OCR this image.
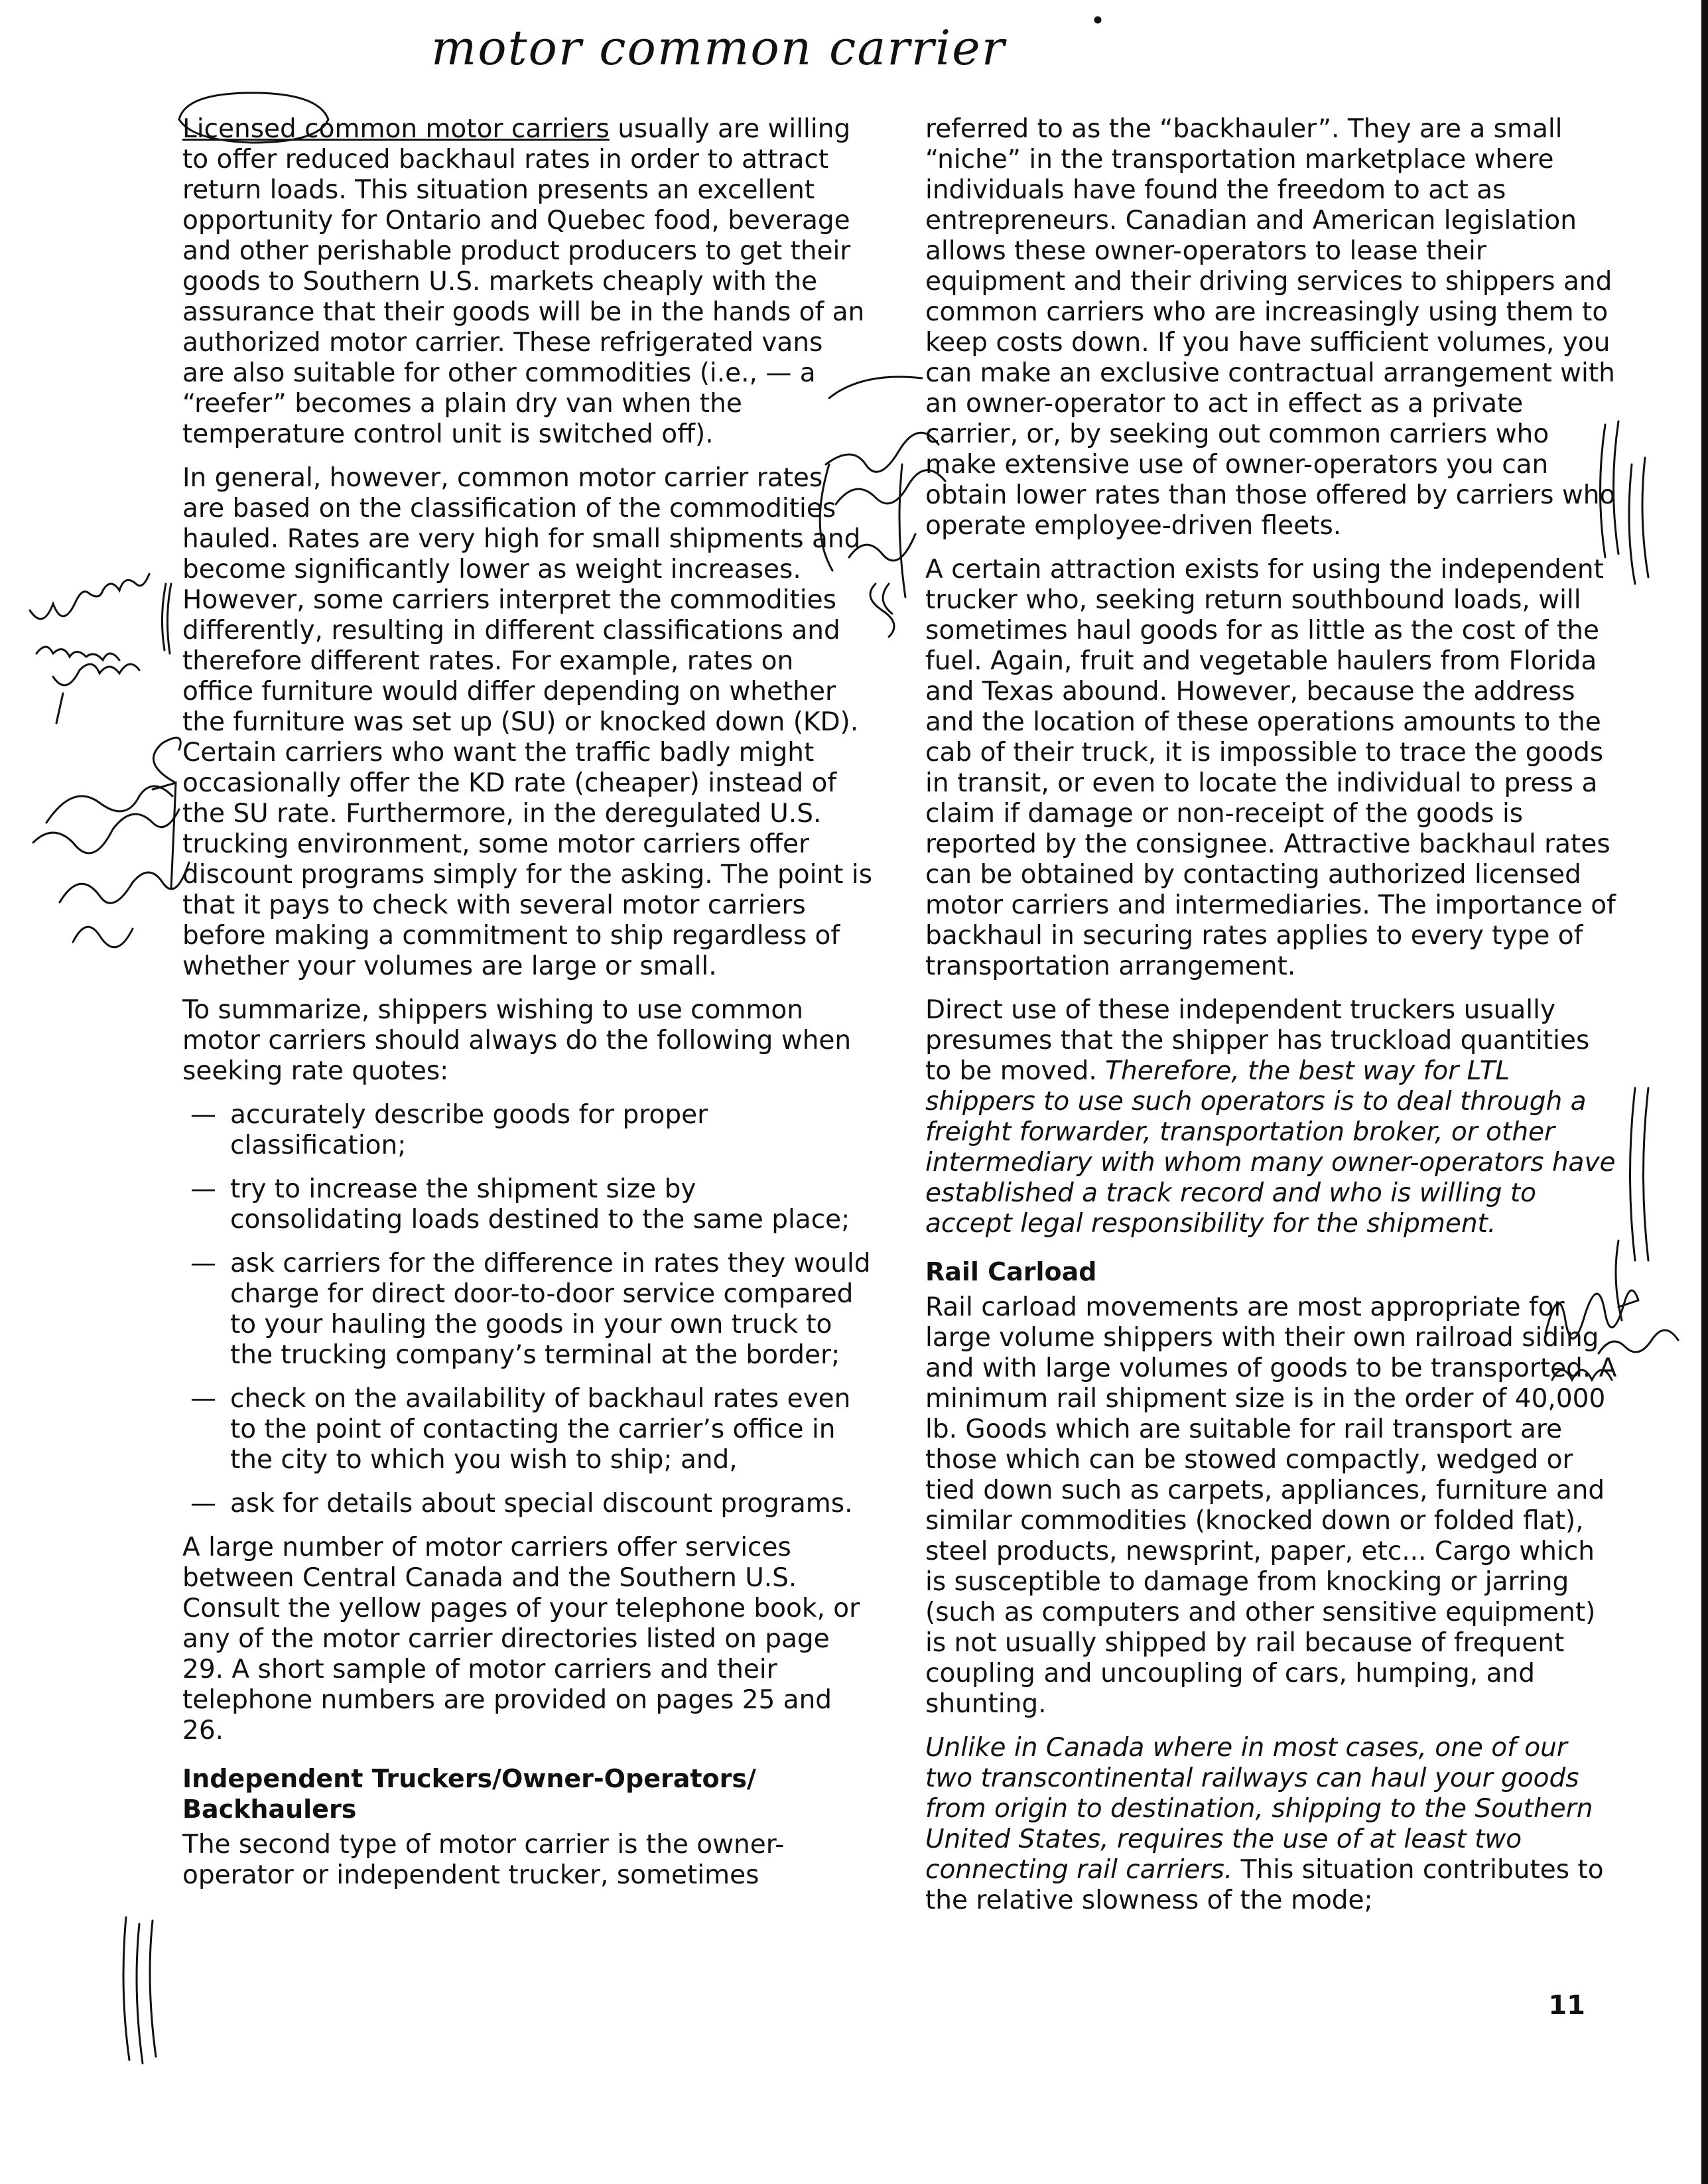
motor common carrier

Licensed common motor carriers usually are willing to offer reduced backhaul rates in order to attract return loads. This situation presents an excellent opportunity for Ontario and Quebec food, beverage and other perishable product producers to get their goods to Southern U.S. markets cheaply with the assurance that their goods will be in the hands of an authorized motor carrier. These refrigerated vans are also suitable for other commodities (i.e., — a “reefer” becomes a plain dry van when the temperature control unit is switched off).

In general, however, common motor carrier rates are based on the classification of the commodities hauled. Rates are very high for small shipments and become significantly lower as weight increases. However, some carriers interpret the commodities differently, resulting in different classifications and therefore different rates. For example, rates on office furniture would differ depending on whether the furniture was set up (SU) or knocked down (KD). Certain carriers who want the traffic badly might occasionally offer the KD rate (cheaper) instead of the SU rate. Furthermore, in the deregulated U.S. trucking environment, some motor carriers offer discount programs simply for the asking. The point is that it pays to check with several motor carriers before making a commitment to ship regardless of whether your volumes are large or small.

To summarize, shippers wishing to use common motor carriers should always do the following when seeking rate quotes:

— accurately describe goods for proper classification;
— try to increase the shipment size by consolidating loads destined to the same place;
— ask carriers for the difference in rates they would charge for direct door-to-door service compared to your hauling the goods in your own truck to the trucking company’s terminal at the border;
— check on the availability of backhaul rates even to the point of contacting the carrier’s office in the city to which you wish to ship; and,
— ask for details about special discount programs.

A large number of motor carriers offer services between Central Canada and the Southern U.S. Consult the yellow pages of your telephone book, or any of the motor carrier directories listed on page 29. A short sample of motor carriers and their telephone numbers are provided on pages 25 and 26.

Independent Truckers/Owner-Operators/ Backhaulers

The second type of motor carrier is the owner-operator or independent trucker, sometimes

referred to as the “backhauler”. They are a small “niche” in the transportation marketplace where individuals have found the freedom to act as entrepreneurs. Canadian and American legislation allows these owner-operators to lease their equipment and their driving services to shippers and common carriers who are increasingly using them to keep costs down. If you have sufficient volumes, you can make an exclusive contractual arrangement with an owner-operator to act in effect as a private carrier, or, by seeking out common carriers who make extensive use of owner-operators you can obtain lower rates than those offered by carriers who operate employee-driven fleets.

A certain attraction exists for using the independent trucker who, seeking return southbound loads, will sometimes haul goods for as little as the cost of the fuel. Again, fruit and vegetable haulers from Florida and Texas abound. However, because the address and the location of these operations amounts to the cab of their truck, it is impossible to trace the goods in transit, or even to locate the individual to press a claim if damage or non-receipt of the goods is reported by the consignee. Attractive backhaul rates can be obtained by contacting authorized licensed motor carriers and intermediaries. The importance of backhaul in securing rates applies to every type of transportation arrangement.

Direct use of these independent truckers usually presumes that the shipper has truckload quantities to be moved. Therefore, the best way for LTL shippers to use such operators is to deal through a freight forwarder, transportation broker, or other intermediary with whom many owner-operators have established a track record and who is willing to accept legal responsibility for the shipment.

Rail Carload

Rail carload movements are most appropriate for large volume shippers with their own railroad siding and with large volumes of goods to be transported. A minimum rail shipment size is in the order of 40,000 lb. Goods which are suitable for rail transport are those which can be stowed compactly, wedged or tied down such as carpets, appliances, furniture and similar commodities (knocked down or folded flat), steel products, newsprint, paper, etc... Cargo which is susceptible to damage from knocking or jarring (such as computers and other sensitive equipment) is not usually shipped by rail because of frequent coupling and uncoupling of cars, humping, and shunting.

Unlike in Canada where in most cases, one of our two transcontinental railways can haul your goods from origin to destination, shipping to the Southern United States, requires the use of at least two connecting rail carriers. This situation contributes to the relative slowness of the mode;

11
